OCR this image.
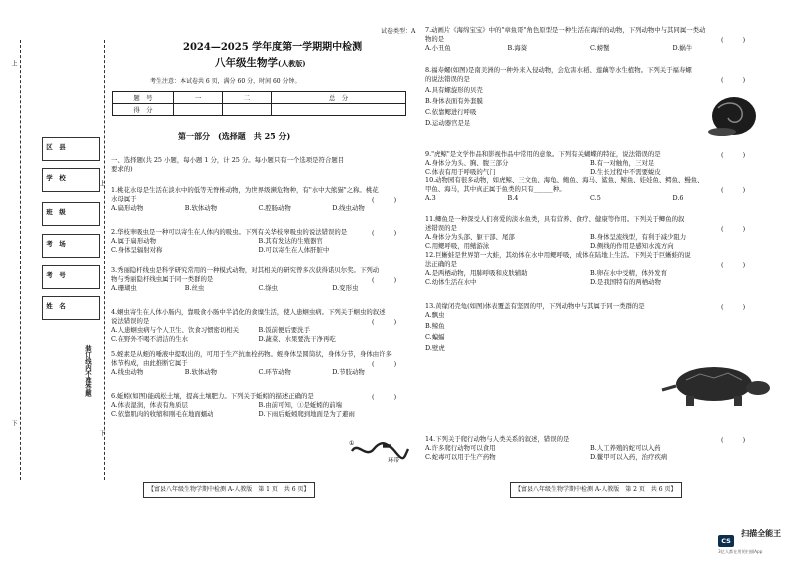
上
下
上
下
区　县
学　校
班　级
考　场
考　号
姓　名
装订线内不准答题
试卷类型：A
2024—2025 学年度第一学期期中检测
八年级生物学(人教版)
考生注意：本试卷共 6 页，满分 60 分，时间 60 分钟。
题　号	一	二	总　分
得　分			
第一部分　(选择题　共 25 分)
一、选择题(共 25 小题，每小题 1 分，计 25 分。每小题只有一个选项是符合题目
要求的)
1.桃花水母是生活在淡水中的低等无脊椎动物，为世界级濒危物种，有"水中大熊猫"之称。桃花
水母属于	(　　　)
A.扁形动物	B.软体动物	C.腔肠动物	D.线虫动物
2.华枝睾吸虫是一种可以寄生在人体内的吸虫。下列有关华枝睾吸虫的说法错误的是	(　　　)
A.属于扁形动物	B.其有发达的生殖器官
C.身体呈辐射对称	D.可以寄生在人体肝脏中
3.秀丽隐杆线虫是科学研究常用的一种模式动物，对其相关的研究曾多次获得诺贝尔奖。下列动
物与秀丽隐杆线虫属于同一类群的是	(　　　)
A.珊瑚虫	B.丝虫	C.绦虫	D.变形虫
4.蛔虫寄生在人体小肠内，靠吸食小肠中半消化的食糜生活，使人患蛔虫病。下列关于蛔虫的叙述
说法错误的是	(　　　)
A.人患蛔虫病与个人卫生、饮食习惯密切相关	B.饭前便后要洗手
C.在野外不喝不清洁的生水	D.蔬菜、水果要洗干净再吃
5.蛭素是从蛭的唾液中提取出的，可用于生产抗血栓药物。蛭身体呈圆筒状，身体分节，身体由许多
体节构成，由此推断它属于	(　　　)
A.线虫动物	B.软体动物	C.环节动物	D.节肢动物
6.蚯蚓(如图)能疏松土壤，提高土壤肥力。下列关于蚯蚓的描述正确的是	(　　　)
A.体表湿润，体表有角质层	B.由前可知，①是蚯蚓的前端
C.依靠肌肉的收缩和刚毛在地面蠕动	D.下雨后蚯蚓爬到地面是为了避雨
①
环带
【富县八年级生物学期中检测 A-人教版　第 1 页　共 6 页】
7.动画片《海绵宝宝》中的"章鱼哥"角色原型是一种生活在海洋的动物，下列动物中与其同属一类动
物的是	(　　　)
A.小丑鱼	B.海葵	C.螃蟹	D.蜗牛
8.福寿螺(如图)是南美洲的一种外来入侵动物，会危害水稻、莲藕等水生植物。下列关于福寿螺
的说法错误的是	(　　　)
A.具有螺旋形的贝壳
B.身体表面有外套膜
C.依靠鳃进行呼吸
D.运动器官是足
9."虎鲸"是文学作品和影视作品中常用的意象。下列有关蝴蝶的特征，说法错误的是	(　　　)
A.身体分为头、胸、腹三部分	B.有一对触角，三对足
C.体表有用于呼吸的气门	D.生长过程中不需要蜕皮
10.动物园有很多动物，如虎鲸、三文鱼、海龟、鲍鱼、海马、鲨鱼、鲸鱼、娃娃鱼、鳄鱼、鳗鱼、
甲鱼、海马，其中真正属于鱼类的只有______种。	(　　　)
A.3	B.4	C.5	D.6
11.鲫鱼是一种深受人们喜爱的淡水鱼类，具有营养、食疗、健康等作用。下列关于鲫鱼的叙
述错误的是	(　　　)
A.身体分为头部、躯干部、尾部	B.身体呈流线型，有利于减少阻力
C.用鳃呼吸，用鳍游泳	D.侧线的作用是感知水流方向
12.巨蜥蛙是世界第一大蛙，其幼体在水中用鳃呼吸，成体在陆地上生活。下列关于巨蜥蛙的说
法正确的是	(　　　)
A.是两栖动物，用肺呼吸和皮肤辅助	B.卵在水中受精，体外发育
C.幼体生活在水中	D.是我国特有的两栖动物
13.黄缘闭壳龟(如图)体表覆盖有坚固的甲，下列动物中与其属于同一类群的是	(　　　)
A.飘虫
B.鲸鱼
C.蝙蝠
D.壁虎
14.下列关于爬行动物与人类关系的叙述，错误的是	(　　　)
A.许多爬行动物可以食用	B.人工养殖的蛇可以入药
C.蛇毒可以用于生产药物	D.鳖甲可以入药，治疗疾病
【富县八年级生物学期中检测 A-人教版　第 2 页　共 6 页】
CS $^{扫描全能王}$
3亿人都在用的扫描App
